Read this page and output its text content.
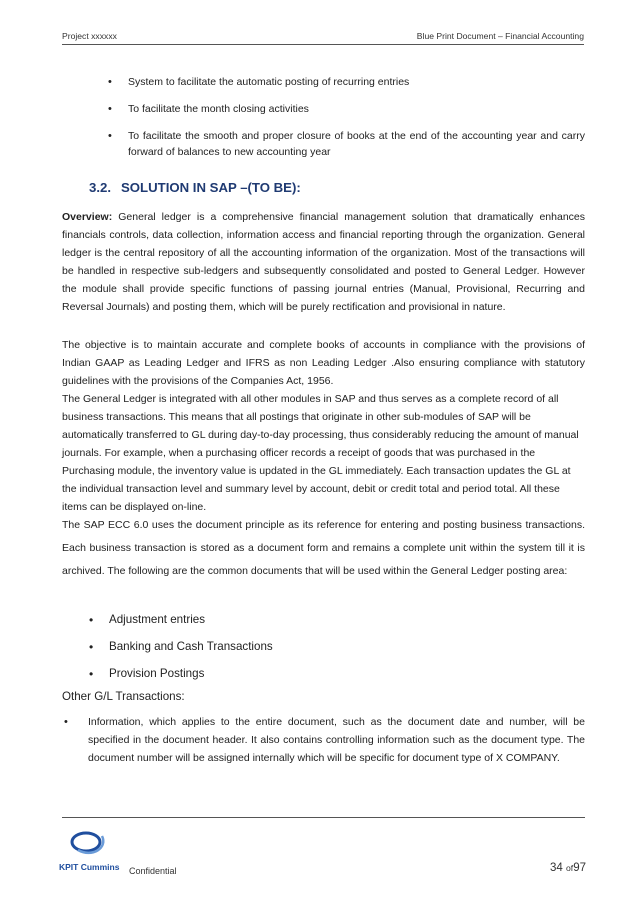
Project xxxxxx	Blue Print Document – Financial Accounting
• System to facilitate the automatic posting of recurring entries
• To facilitate the month closing activities
• To facilitate the smooth and proper closure of books at the end of the accounting year and carry forward of balances to new accounting year
3.2. SOLUTION IN SAP –(TO BE):

Overview: General ledger is a comprehensive financial management solution that dramatically enhances financials controls, data collection, information access and financial reporting through the organization. General ledger is the central repository of all the accounting information of the organization. Most of the transactions will be handled in respective sub-ledgers and subsequently consolidated and posted to General Ledger. However the module shall provide specific functions of passing journal entries (Manual, Provisional, Recurring and Reversal Journals) and posting them, which will be purely rectification and provisional in nature.

The objective is to maintain accurate and complete books of accounts in compliance with the provisions of Indian GAAP as Leading Ledger and IFRS as non Leading Ledger .Also ensuring compliance with statutory guidelines with the provisions of the Companies Act, 1956.

The General Ledger is integrated with all other modules in SAP and thus serves as a complete record of all business transactions. This means that all postings that originate in other sub-modules of SAP will be automatically transferred to GL during day-to-day processing, thus considerably reducing the amount of manual journals. For example, when a purchasing officer records a receipt of goods that was purchased in the Purchasing module, the inventory value is updated in the GL immediately. Each transaction updates the GL at the individual transaction level and summary level by account, debit or credit total and period total. All these items can be displayed on-line.

The SAP ECC 6.0 uses the document principle as its reference for entering and posting business transactions. Each business transaction is stored as a document form and remains a complete unit within the system till it is archived. The following are the common documents that will be used within the General Ledger posting area:

• Adjustment entries
• Banking and Cash Transactions
• Provision Postings
Other G/L Transactions:
• Information, which applies to the entire document, such as the document date and number, will be specified in the document header. It also contains controlling information such as the document type. The document number will be assigned internally which will be specific for document type of X COMPANY.

KPIT Cummins Confidential	34 of97
